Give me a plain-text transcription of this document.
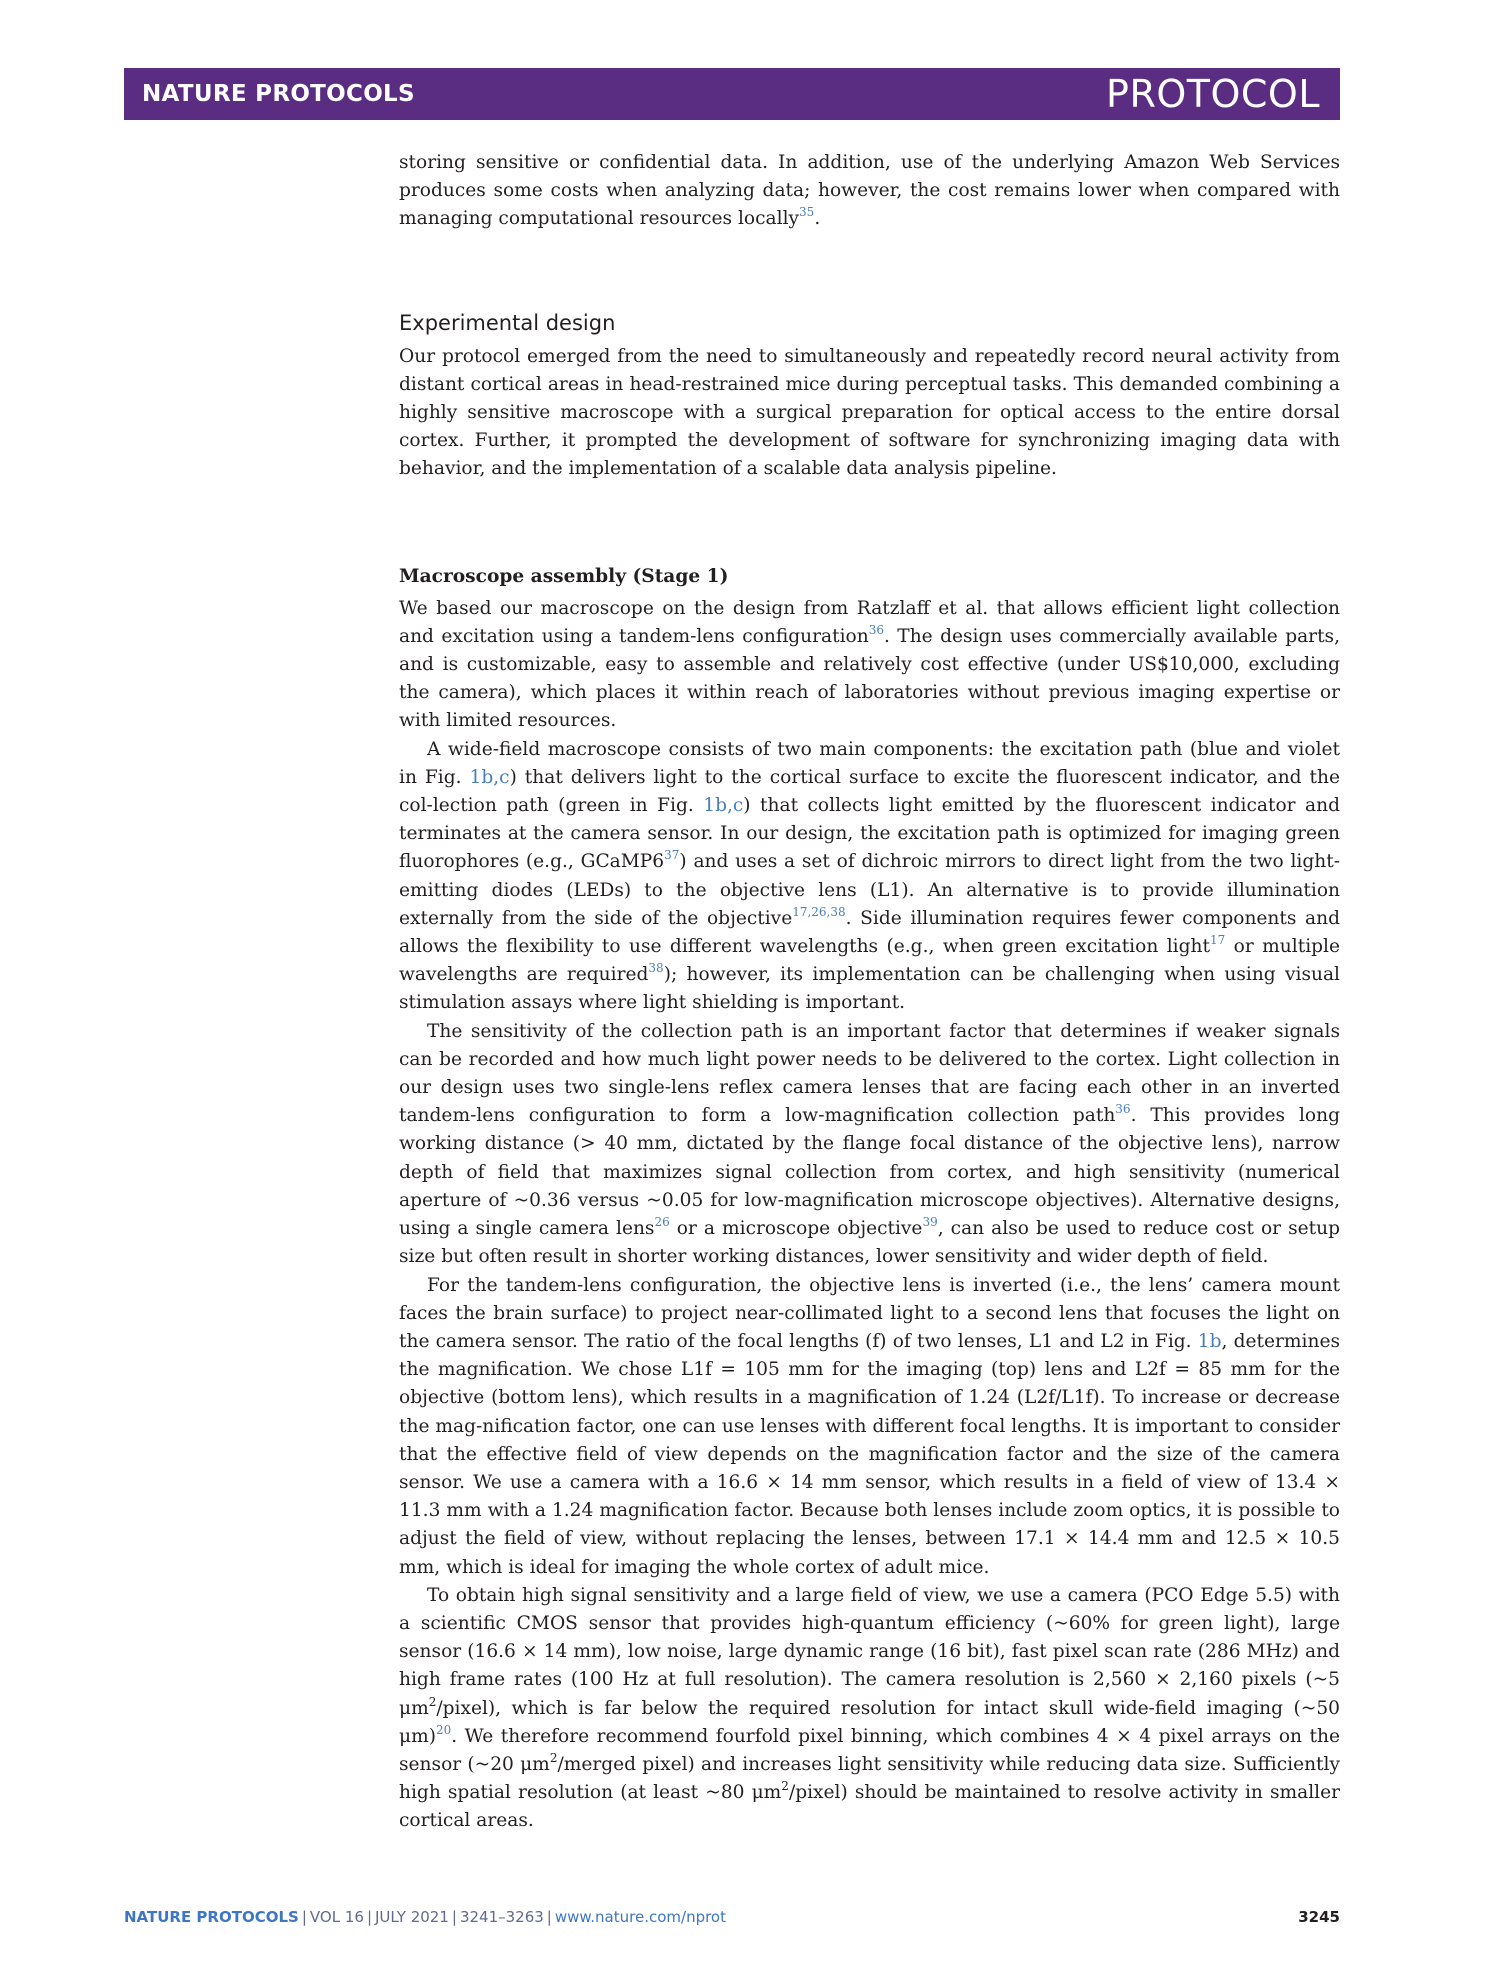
NATURE PROTOCOLS	PROTOCOL

storing sensitive or confidential data. In addition, use of the underlying Amazon Web Services produces some costs when analyzing data; however, the cost remains lower when compared with managing computational resources locally$^{35}$.

Experimental design

Our protocol emerged from the need to simultaneously and repeatedly record neural activity from distant cortical areas in head-restrained mice during perceptual tasks. This demanded combining a highly sensitive macroscope with a surgical preparation for optical access to the entire dorsal cortex. Further, it prompted the development of software for synchronizing imaging data with behavior, and the implementation of a scalable data analysis pipeline.

Macroscope assembly (Stage 1)

We based our macroscope on the design from Ratzlaff et al. that allows efficient light collection and excitation using a tandem-lens configuration$^{36}$. The design uses commercially available parts, and is customizable, easy to assemble and relatively cost effective (under US$10,000, excluding the camera), which places it within reach of laboratories without previous imaging expertise or with limited resources.

A wide-field macroscope consists of two main components: the excitation path (blue and violet in Fig. 1b,c) that delivers light to the cortical surface to excite the fluorescent indicator, and the col-lection path (green in Fig. 1b,c) that collects light emitted by the fluorescent indicator and terminates at the camera sensor. In our design, the excitation path is optimized for imaging green fluorophores (e.g., GCaMP6$^{37}$) and uses a set of dichroic mirrors to direct light from the two light-emitting diodes (LEDs) to the objective lens (L1). An alternative is to provide illumination externally from the side of the objective$^{17,26,38}$. Side illumination requires fewer components and allows the flexibility to use different wavelengths (e.g., when green excitation light$^{17}$ or multiple wavelengths are required$^{38}$); however, its implementation can be challenging when using visual stimulation assays where light shielding is important.

The sensitivity of the collection path is an important factor that determines if weaker signals can be recorded and how much light power needs to be delivered to the cortex. Light collection in our design uses two single-lens reflex camera lenses that are facing each other in an inverted tandem-lens configuration to form a low-magnification collection path$^{36}$. This provides long working distance (> 40 mm, dictated by the flange focal distance of the objective lens), narrow depth of field that maximizes signal collection from cortex, and high sensitivity (numerical aperture of ~0.36 versus ~0.05 for low-magnification microscope objectives). Alternative designs, using a single camera lens$^{26}$ or a microscope objective$^{39}$, can also be used to reduce cost or setup size but often result in shorter working distances, lower sensitivity and wider depth of field.

For the tandem-lens configuration, the objective lens is inverted (i.e., the lens’ camera mount faces the brain surface) to project near-collimated light to a second lens that focuses the light on the camera sensor. The ratio of the focal lengths (f) of two lenses, L1 and L2 in Fig. 1b, determines the magnification. We chose L1f = 105 mm for the imaging (top) lens and L2f = 85 mm for the objective (bottom lens), which results in a magnification of 1.24 (L2f/L1f). To increase or decrease the mag-nification factor, one can use lenses with different focal lengths. It is important to consider that the effective field of view depends on the magnification factor and the size of the camera sensor. We use a camera with a 16.6 × 14 mm sensor, which results in a field of view of 13.4 × 11.3 mm with a 1.24 magnification factor. Because both lenses include zoom optics, it is possible to adjust the field of view, without replacing the lenses, between 17.1 × 14.4 mm and 12.5 × 10.5 mm, which is ideal for imaging the whole cortex of adult mice.

To obtain high signal sensitivity and a large field of view, we use a camera (PCO Edge 5.5) with a scientific CMOS sensor that provides high-quantum efficiency (~60% for green light), large sensor (16.6 × 14 mm), low noise, large dynamic range (16 bit), fast pixel scan rate (286 MHz) and high frame rates (100 Hz at full resolution). The camera resolution is 2,560 × 2,160 pixels (~5 $\mu m^2/pixel$), which is far below the required resolution for intact skull wide-field imaging (~50 μm)$^{20}$. We therefore recommend fourfold pixel binning, which combines 4 × 4 pixel arrays on the sensor (~20 $\mu m^2$/merged pixel) and increases light sensitivity while reducing data size. Sufficiently high spatial resolution (at least ~80 $\mu m^2/pixel$) should be maintained to resolve activity in smaller cortical areas.

NATURE PROTOCOLS | VOL 16 | JULY 2021 | 3241–3263 | www.nature.com/nprot	3245
